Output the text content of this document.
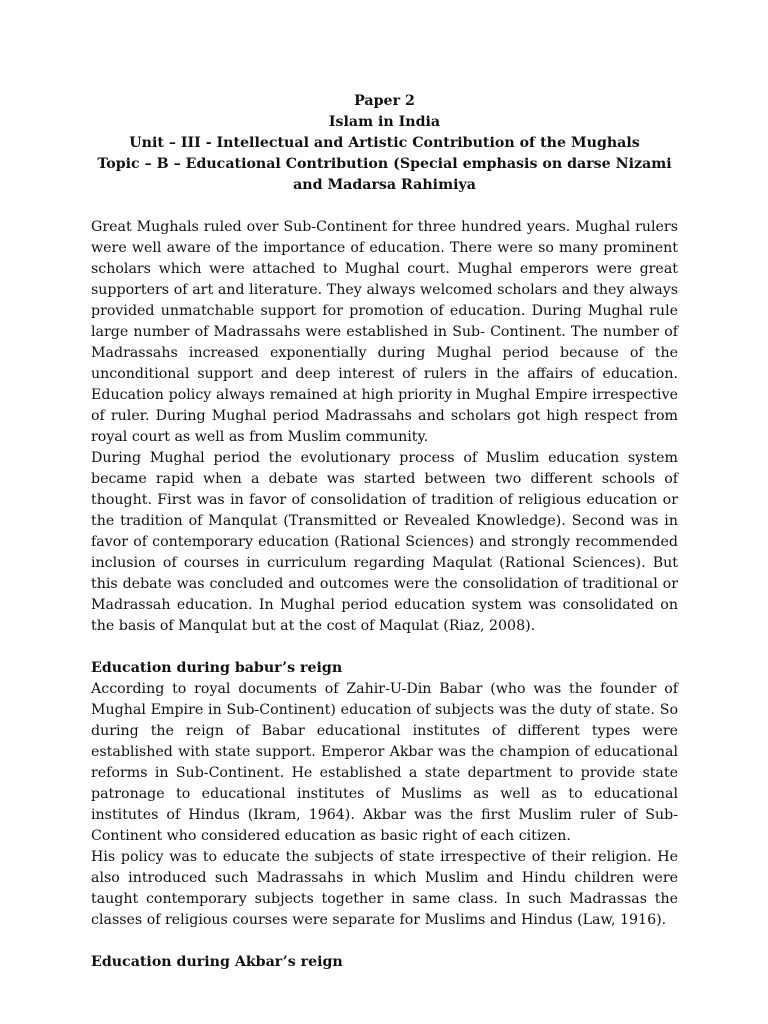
Paper 2
Islam in India
Unit – III - Intellectual and Artistic Contribution of the Mughals
Topic – B – Educational Contribution (Special emphasis on darse Nizami and Madarsa Rahimiya

Great Mughals ruled over Sub-Continent for three hundred years. Mughal rulers were well aware of the importance of education. There were so many prominent scholars which were attached to Mughal court. Mughal emperors were great supporters of art and literature. They always welcomed scholars and they always provided unmatchable support for promotion of education. During Mughal rule large number of Madrassahs were established in Sub- Continent. The number of Madrassahs increased exponentially during Mughal period because of the unconditional support and deep interest of rulers in the affairs of education. Education policy always remained at high priority in Mughal Empire irrespective of ruler. During Mughal period Madrassahs and scholars got high respect from royal court as well as from Muslim community.

During Mughal period the evolutionary process of Muslim education system became rapid when a debate was started between two different schools of thought. First was in favor of consolidation of tradition of religious education or the tradition of Manqulat (Transmitted or Revealed Knowledge). Second was in favor of contemporary education (Rational Sciences) and strongly recommended inclusion of courses in curriculum regarding Maqulat (Rational Sciences). But this debate was concluded and outcomes were the consolidation of traditional or Madrassah education. In Mughal period education system was consolidated on the basis of Manqulat but at the cost of Maqulat (Riaz, 2008).

Education during babur’s reign

According to royal documents of Zahir-U-Din Babar (who was the founder of Mughal Empire in Sub-Continent) education of subjects was the duty of state. So during the reign of Babar educational institutes of different types were established with state support. Emperor Akbar was the champion of educational reforms in Sub-Continent. He established a state department to provide state patronage to educational institutes of Muslims as well as to educational institutes of Hindus (Ikram, 1964). Akbar was the first Muslim ruler of Sub-Continent who considered education as basic right of each citizen.

His policy was to educate the subjects of state irrespective of their religion. He also introduced such Madrassahs in which Muslim and Hindu children were taught contemporary subjects together in same class. In such Madrassas the classes of religious courses were separate for Muslims and Hindus (Law, 1916).

Education during Akbar’s reign
